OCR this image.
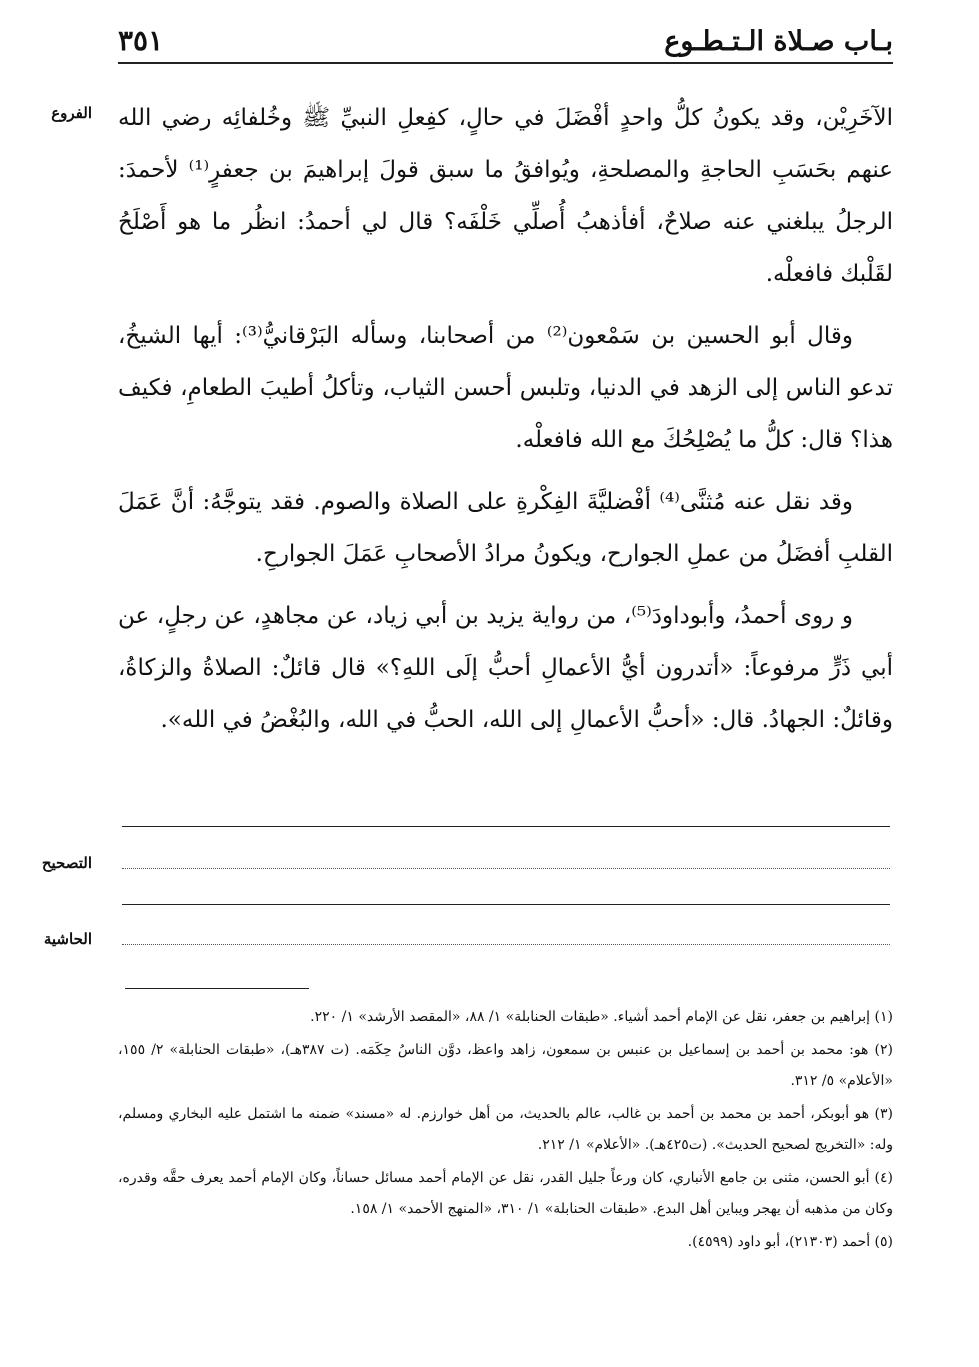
بـاب صـلاة الـتـطـوع
٣٥١
الفروع
التصحيح
الحاشية

الآخَرِيْن، وقد يكونُ كلُّ واحدٍ أفْضَلَ في حالٍ، كفِعلِ النبيِّ ﷺ وخُلفائِه رضي الله عنهم بحَسَبِ الحاجةِ والمصلحةِ، ويُوافقُ ما سبق قولَ إبراهيمَ بن جعفرٍ⁽¹⁾ لأحمدَ: الرجلُ يبلغني عنه صلاحٌ، أفأذهبُ أُصلِّي خَلْفَه؟ قال لي أحمدُ: انظُر ما هو أَصْلَحُ لقَلْبك فافعلْه.

وقال أبو الحسين بن سَمْعون⁽²⁾ من أصحابنا، وسأله البَرْقانيُّ⁽³⁾: أيها الشيخُ، تدعو الناس إلى الزهد في الدنيا، وتلبس أحسن الثياب، وتأكلُ أطيبَ الطعامِ، فكيف هذا؟ قال: كلُّ ما يُصْلِحُكَ مع الله فافعلْه.

وقد نقل عنه مُثنَّى⁽⁴⁾ أفْضليَّةَ الفِكْرةِ على الصلاة والصوم. فقد يتوجَّهُ: أنَّ عَمَلَ القلبِ أفضَلُ من عملِ الجوارح، ويكونُ مرادُ الأصحابِ عَمَلَ الجوارحِ.

و روى أحمدُ، وأبوداودَ⁽⁵⁾، من رواية يزيد بن أبي زياد، عن مجاهدٍ، عن رجلٍ، عن أبي ذَرٍّ مرفوعاً: «أتدرون أيُّ الأعمالِ أحبُّ إلَى اللهِ؟» قال قائلٌ: الصلاةُ والزكاةُ، وقائلٌ: الجهادُ. قال: «أحبُّ الأعمالِ إلى الله، الحبُّ في الله، والبُغْضُ في الله».

(١) إبراهيم بن جعفر، نقل عن الإمام أحمد أشياء. «طبقات الحنابلة» ١/ ٨٨، «المقصد الأرشد» ١/ ٢٢٠.

(٢) هو: محمد بن أحمد بن إسماعيل بن عنبس بن سمعون، زاهد واعظ، دوَّن الناسُ حِكَمَه. (ت ٣٨٧هـ)، «طبقات الحنابلة» ٢/ ١٥٥، «الأعلام» ٥/ ٣١٢.

(٣) هو أبوبكر، أحمد بن محمد بن أحمد بن غالب، عالم بالحديث، من أهل خوارزم. له «مسند» ضمنه ما اشتمل عليه البخاري ومسلم، وله: «التخريج لصحيح الحديث». (ت٤٢٥هـ). «الأعلام» ١/ ٢١٢.

(٤) أبو الحسن، مثنى بن جامع الأنباري، كان ورعاً جليل القدر، نقل عن الإمام أحمد مسائل حساناً، وكان الإمام أحمد يعرف حقَّه وقدره، وكان من مذهبه أن يهجر ويباين أهل البدع. «طبقات الحنابلة» ١/ ٣١٠، «المنهج الأحمد» ١/ ١٥٨.

(٥) أحمد (٢١٣٠٣)، أبو داود (٤٥٩٩).
